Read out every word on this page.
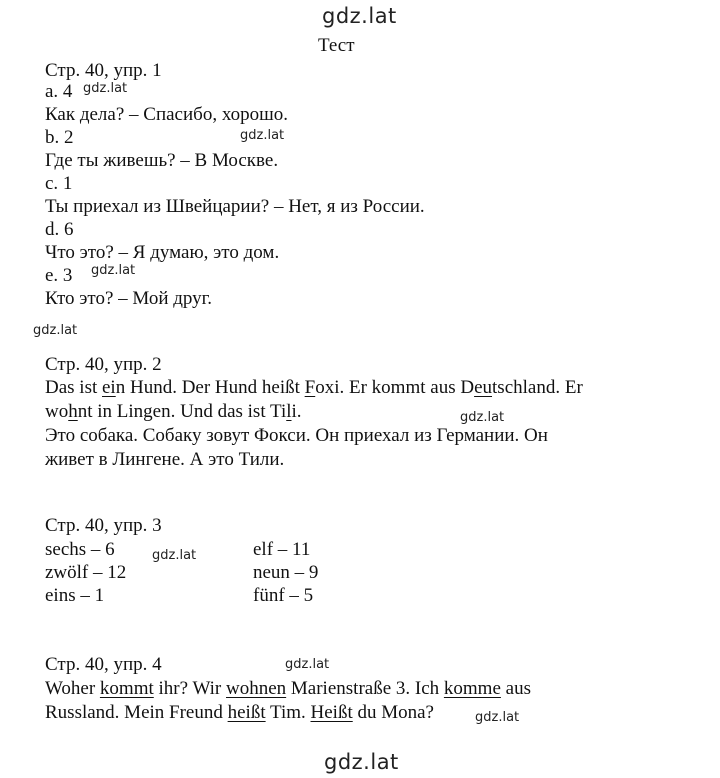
gdz.lat
gdz.lat
gdz.lat
gdz.lat
gdz.lat
gdz.lat
gdz.lat
gdz.lat
gdz.lat
gdz.lat
Тест
Стр. 40, упр. 1
a. 4
Как дела? – Спасибо, хорошо.
b. 2
Где ты живешь? – В Москве.
c. 1
Ты приехал из Швейцарии? – Нет, я из России.
d. 6
Что это? – Я думаю, это дом.
e. 3
Кто это? – Мой друг.
Стр. 40, упр. 2
Das ist ein Hund. Der Hund heißt Foxi. Er kommt aus Deutschland. Er
wohnt in Lingen. Und das ist Tili.
Это собака. Собаку зовут Фокси. Он приехал из Германии. Он
живет в Лингене. А это Тили.
Стр. 40, упр. 3
sechs – 6
zwölf – 12
eins – 1
elf – 11
neun – 9
fünf – 5
Стр. 40, упр. 4
Woher kommt ihr? Wir wohnen Marienstraße 3. Ich komme aus
Russland. Mein Freund heißt Tim. Heißt du Mona?
